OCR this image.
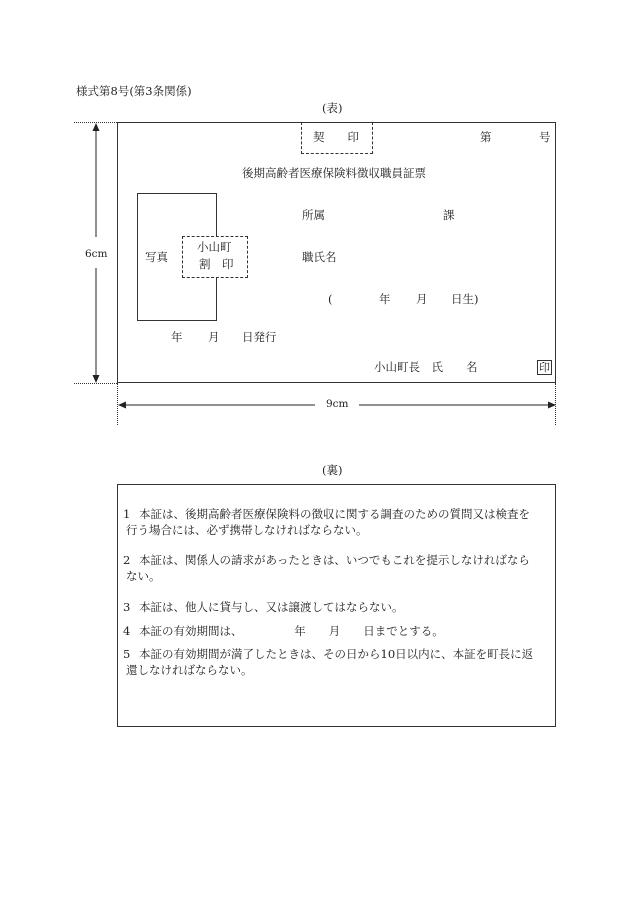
様式第8号(第3条関係)
(表)
6cm
9cm
契　　印	第	号
後期高齢者医療保険料徴収職員証票
写真
小山町
割　印
所属	課
職氏名
(	年 月 日生)
年 月 日発行
小山町長　氏　　名	印
(裏)
1 本証は、後期高齢者医療保険料の徴収に関する調査のための質問又は検査を
行う場合には、必ず携帯しなければならない。
2 本証は、関係人の請求があったときは、いつでもこれを提示しなければなら
ない。
3 本証は、他人に貸与し、又は譲渡してはならない。
4 本証の有効期間は、　　　　　年　　月　　日までとする。
5 本証の有効期間が満了したときは、その日から10日以内に、本証を町長に返
還しなければならない。
